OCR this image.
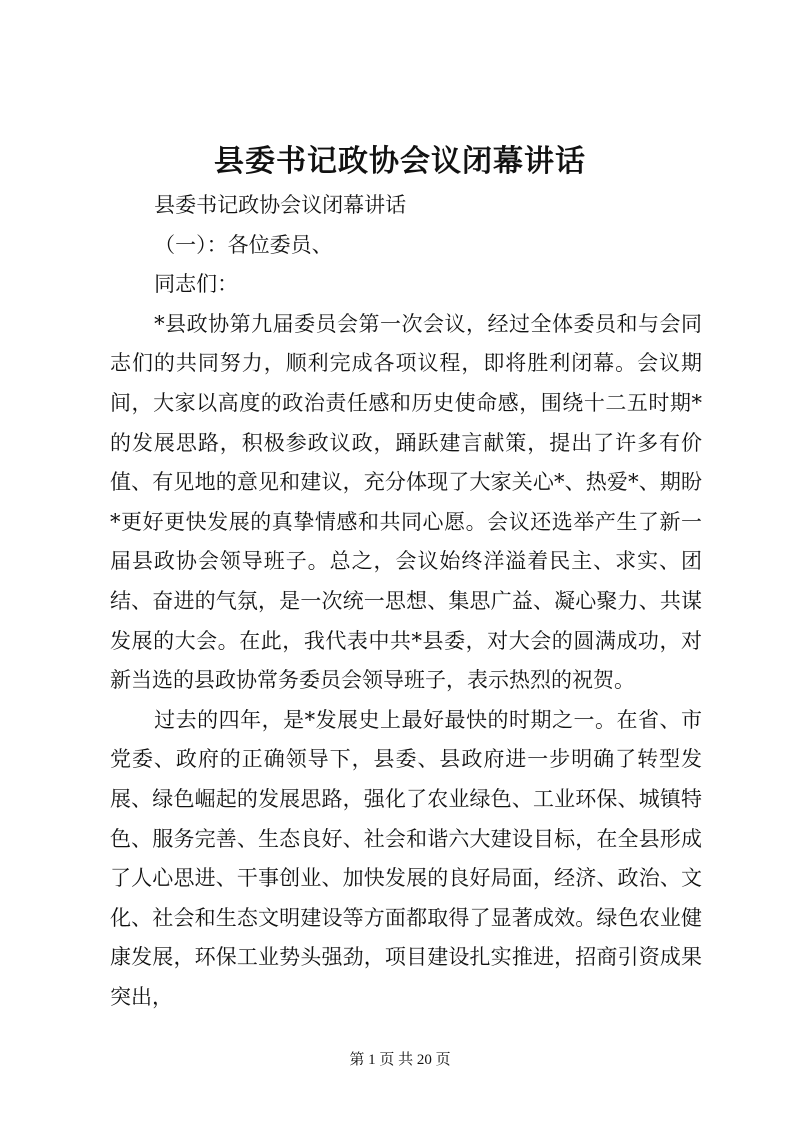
县委书记政协会议闭幕讲话

县委书记政协会议闭幕讲话

（一）：各位委员、

同志们：

*县政协第九届委员会第一次会议，经过全体委员和与会同志们的共同努力，顺利完成各项议程，即将胜利闭幕。会议期间，大家以高度的政治责任感和历史使命感，围绕十二五时期*的发展思路，积极参政议政，踊跃建言献策，提出了许多有价值、有见地的意见和建议，充分体现了大家关心*、热爱*、期盼*更好更快发展的真挚情感和共同心愿。会议还选举产生了新一届县政协会领导班子。总之，会议始终洋溢着民主、求实、团结、奋进的气氛，是一次统一思想、集思广益、凝心聚力、共谋发展的大会。在此，我代表中共*县委，对大会的圆满成功，对新当选的县政协常务委员会领导班子，表示热烈的祝贺。

过去的四年，是*发展史上最好最快的时期之一。在省、市党委、政府的正确领导下，县委、县政府进一步明确了转型发展、绿色崛起的发展思路，强化了农业绿色、工业环保、城镇特色、服务完善、生态良好、社会和谐六大建设目标，在全县形成了人心思进、干事创业、加快发展的良好局面，经济、政治、文化、社会和生态文明建设等方面都取得了显著成效。绿色农业健康发展，环保工业势头强劲，项目建设扎实推进，招商引资成果突出，

第 1 页 共 20 页
